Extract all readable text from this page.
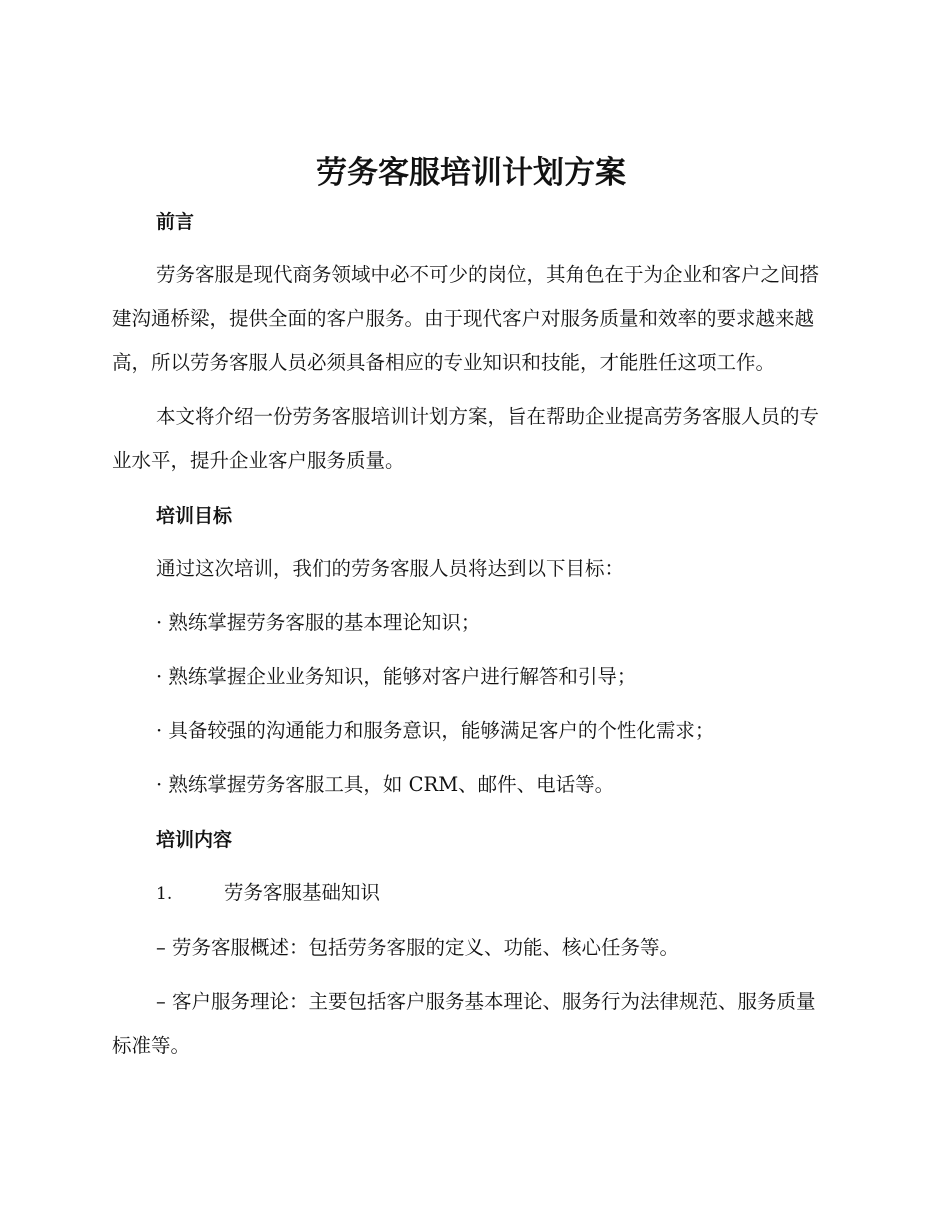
劳务客服培训计划方案
前言

劳务客服是现代商务领域中必不可少的岗位，其角色在于为企业和客户之间搭建沟通桥梁，提供全面的客户服务。由于现代客户对服务质量和效率的要求越来越高，所以劳务客服人员必须具备相应的专业知识和技能，才能胜任这项工作。

本文将介绍一份劳务客服培训计划方案，旨在帮助企业提高劳务客服人员的专业水平，提升企业客户服务质量。

培训目标

通过这次培训，我们的劳务客服人员将达到以下目标：

· 熟练掌握劳务客服的基本理论知识；

· 熟练掌握企业业务知识，能够对客户进行解答和引导；

· 具备较强的沟通能力和服务意识，能够满足客户的个性化需求；

· 熟练掌握劳务客服工具，如 CRM、邮件、电话等。

培训内容
1.	劳务客服基础知识

– 劳务客服概述：包括劳务客服的定义、功能、核心任务等。

– 客户服务理论：主要包括客户服务基本理论、服务行为法律规范、服务质量标准等。
